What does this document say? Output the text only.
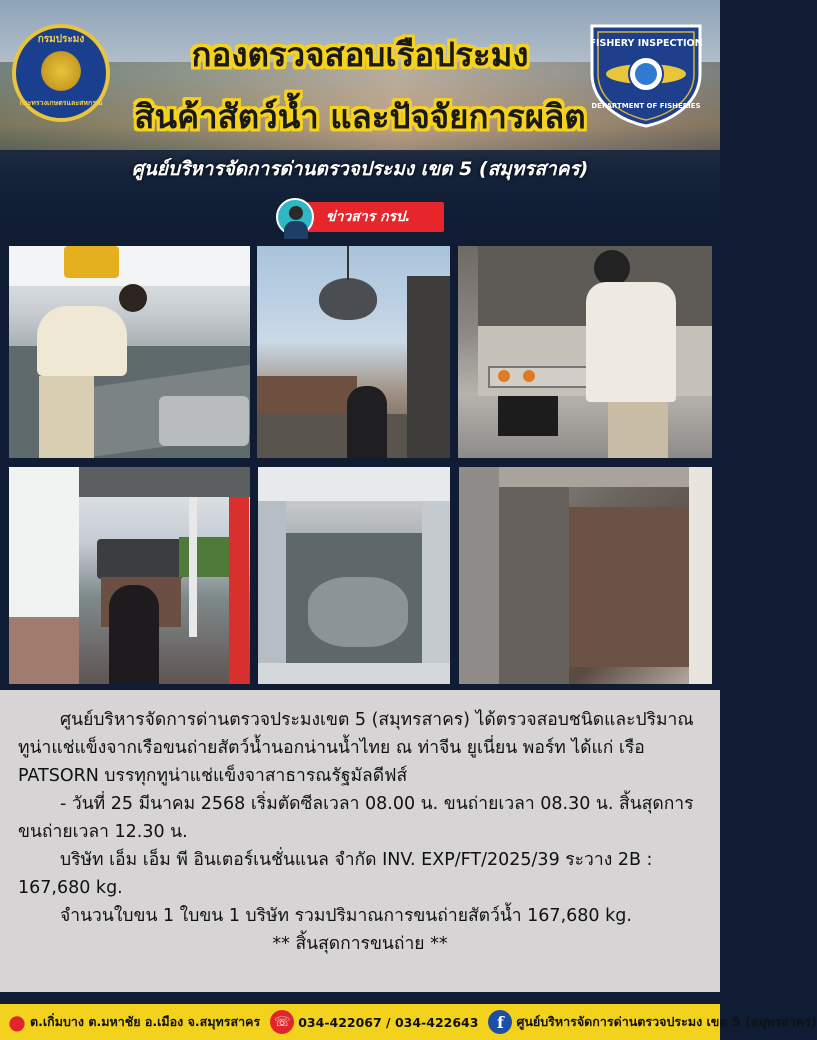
กองตรวจสอบเรือประมง
สินค้าสัตว์น้ำ และปัจจัยการผลิต
ศูนย์บริหารจัดการด่านตรวจประมง เขต 5 (สมุทรสาคร)
กรมประมง
กระทรวงเกษตรและสหกรณ์
FISHERY INSPECTION
DEPARTMENT OF FISHERIES
ข่าวสาร กรป.

ศูนย์บริหารจัดการด่านตรวจประมงเขต 5 (สมุทรสาคร) ได้ตรวจสอบชนิดและปริมาณทูน่าแช่แข็งจากเรือขนถ่ายสัตว์น้ำนอกน่านน้ำไทย ณ ท่าจีน ยูเนี่ยน พอร์ท ได้แก่ เรือ PATSORN บรรทุกทูน่าแช่แข็งจาสาธารณรัฐมัลดีฟส์

- วันที่ 25 มีนาคม 2568 เริ่มตัดซีลเวลา 08.00 น. ขนถ่ายเวลา 08.30 น. สิ้นสุดการขนถ่ายเวลา 12.30 น.

บริษัท เอ็ม เอ็ม พี อินเตอร์เนชั่นแนล จำกัด INV. EXP/FT/2025/39 ระวาง 2B : 167,680 kg.

จำนวนใบขน 1 ใบขน 1 บริษัท รวมปริมาณการขนถ่ายสัตว์น้ำ 167,680 kg.

** สิ้นสุดการขนถ่าย **

● ต.เกิ่มบาง ต.มหาชัย อ.เมือง จ.สมุทรสาคร ☏ 034-422067 / 034-422643	f	ศูนย์บริหารจัดการด่านตรวจประมง เขต 5 (สมุทรสาคร)
